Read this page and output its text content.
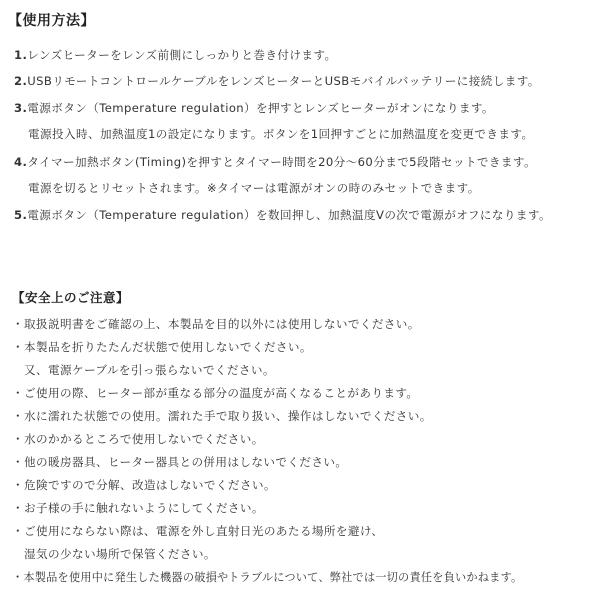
【使用方法】
1.レンズヒーターをレンズ前側にしっかりと巻き付けます。
2.USBリモートコントロールケーブルをレンズヒーターとUSBモバイルバッテリーに接続します。
3.電源ボタン（Temperature regulation）を押すとレンズヒーターがオンになります。
電源投入時、加熱温度1の設定になります。ボタンを1回押すごとに加熱温度を変更できます。
4.タイマー加熱ボタン(Timing)を押すとタイマー時間を20分〜60分まで5段階セットできます。
電源を切るとリセットされます。※タイマーは電源がオンの時のみセットできます。
5.電源ボタン（Temperature regulation）を数回押し、加熱温度Vの次で電源がオフになります。
【安全上のご注意】
・取扱説明書をご確認の上、本製品を目的以外には使用しないでください。
・本製品を折りたたんだ状態で使用しないでください。
又、電源ケーブルを引っ張らないでください。
・ご使用の際、ヒーター部が重なる部分の温度が高くなることがあります。
・水に濡れた状態での使用。濡れた手で取り扱い、操作はしないでください。
・水のかかるところで使用しないでください。
・他の暖房器具、ヒーター器具との併用はしないでください。
・危険ですので分解、改造はしないでください。
・お子様の手に触れないようにしてください。
・ご使用にならない際は、電源を外し直射日光のあたる場所を避け、
湿気の少ない場所で保管ください。
・本製品を使用中に発生した機器の破損やトラブルについて、弊社では一切の責任を負いかねます。
